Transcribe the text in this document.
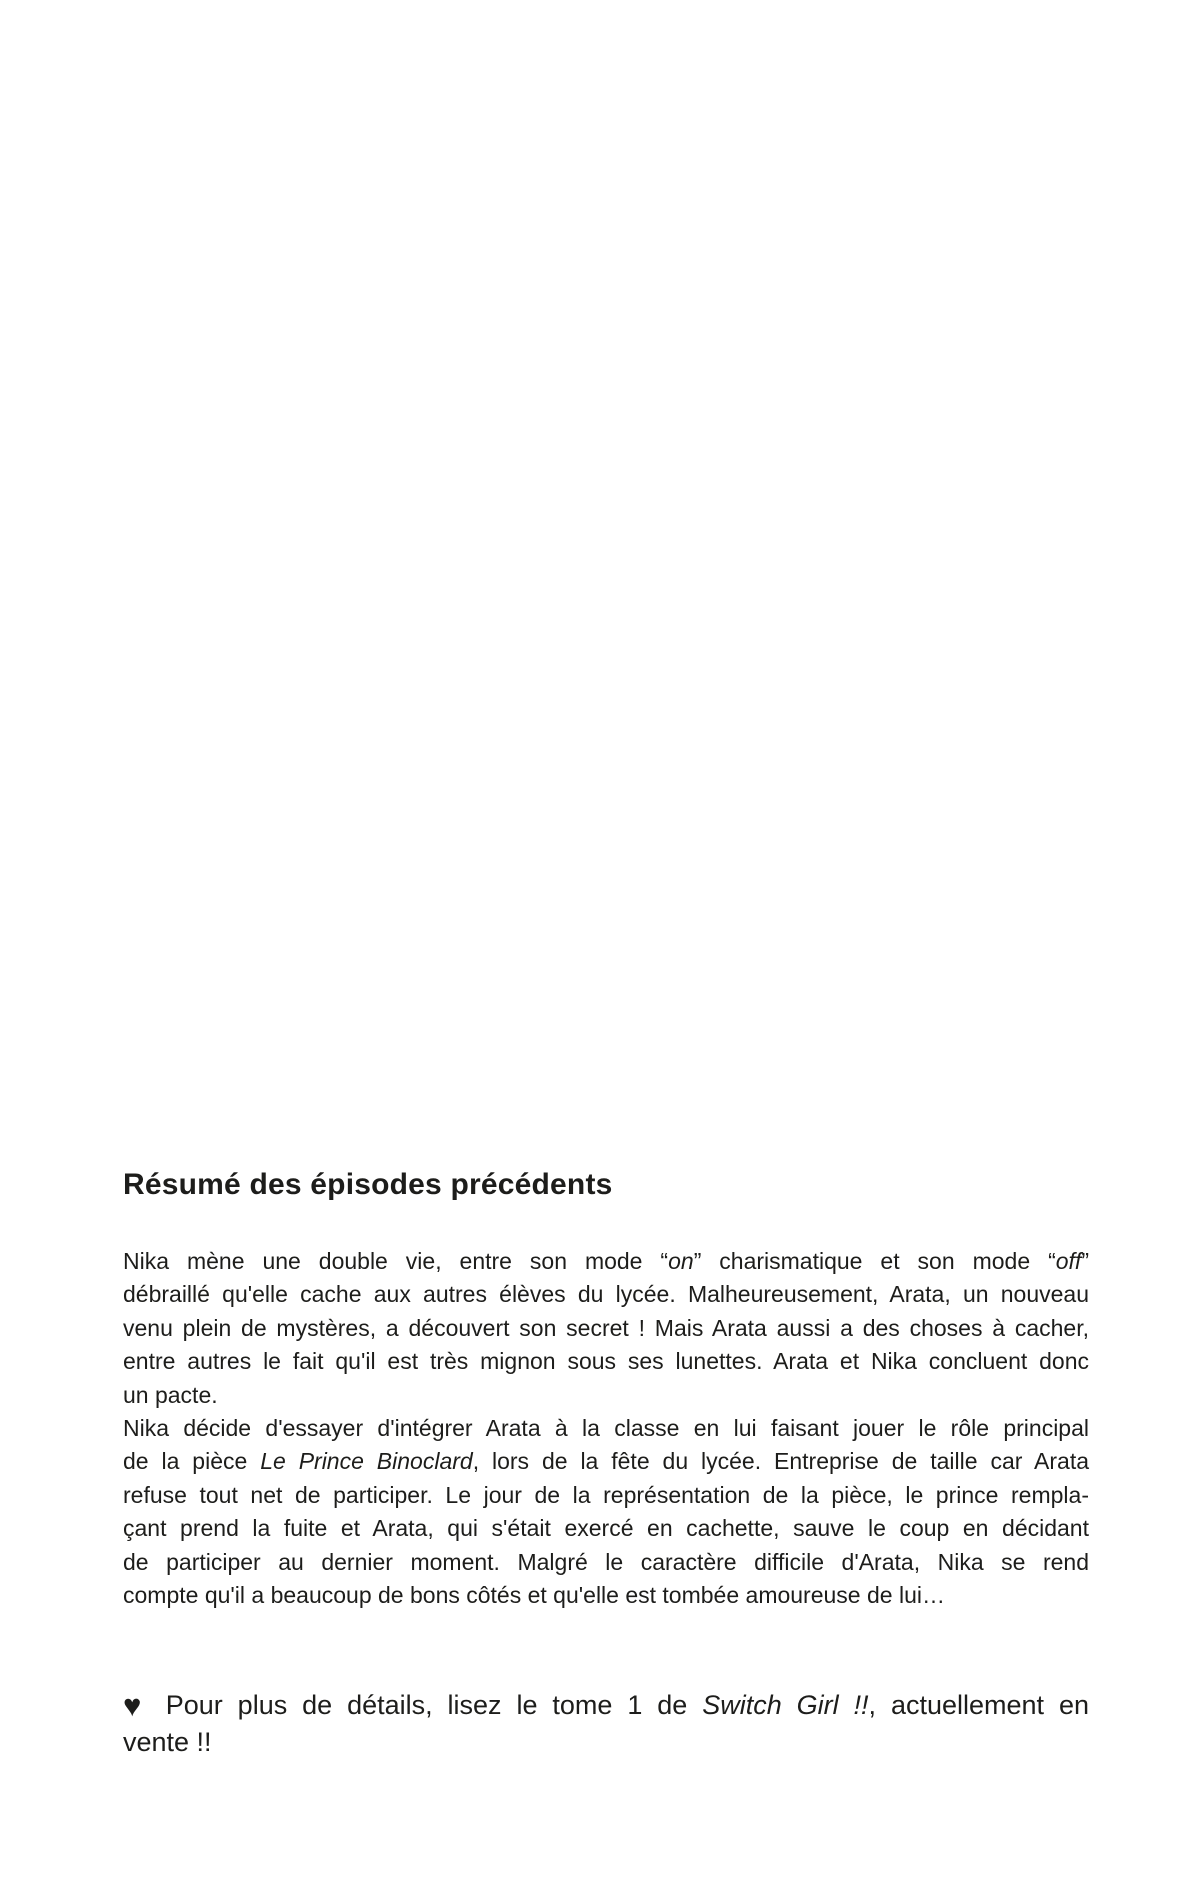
Résumé des épisodes précédents
Nika mène une double vie, entre son mode “on” charismatique et son mode “off”
débraillé qu'elle cache aux autres élèves du lycée. Malheureusement, Arata, un nouveau
venu plein de mystères, a découvert son secret ! Mais Arata aussi a des choses à cacher,
entre autres le fait qu'il est très mignon sous ses lunettes. Arata et Nika concluent donc
un pacte.
Nika décide d'essayer d'intégrer Arata à la classe en lui faisant jouer le rôle principal
de la pièce Le Prince Binoclard, lors de la fête du lycée. Entreprise de taille car Arata
refuse tout net de participer. Le jour de la représentation de la pièce, le prince rempla-
çant prend la fuite et Arata, qui s'était exercé en cachette, sauve le coup en décidant
de participer au dernier moment. Malgré le caractère difficile d'Arata, Nika se rend
compte qu'il a beaucoup de bons côtés et qu'elle est tombée amoureuse de lui…
♥ Pour plus de détails, lisez le tome 1 de Switch Girl !!, actuellement en
vente !!
